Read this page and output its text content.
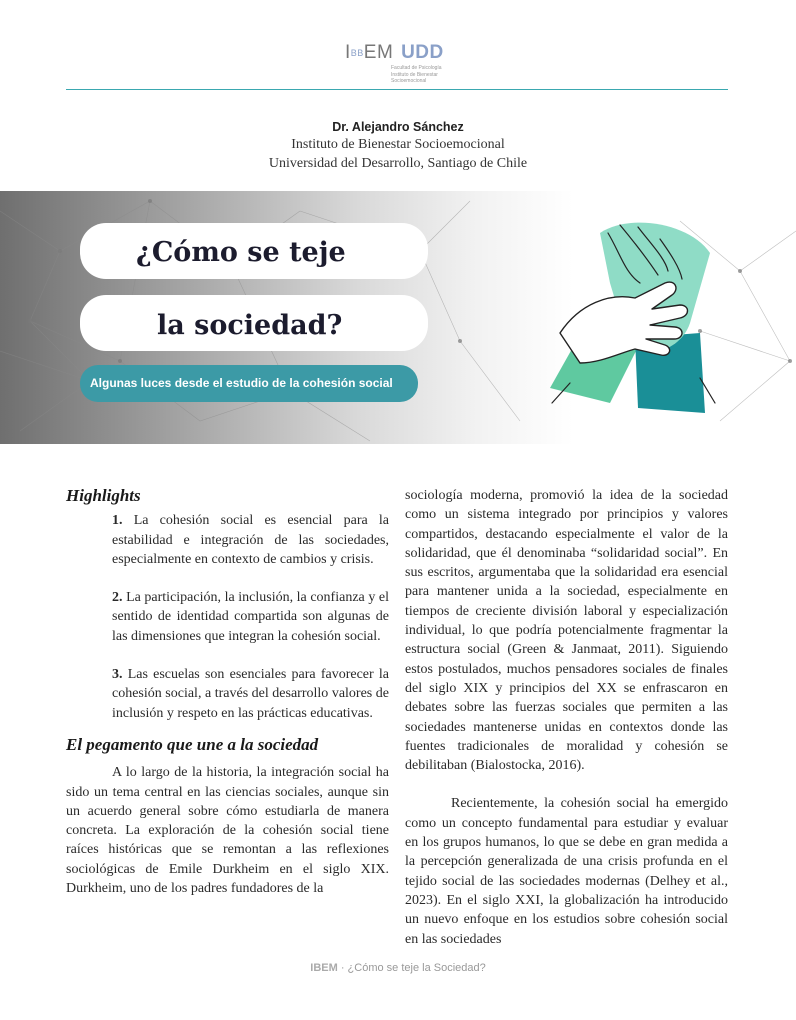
IBBEM UDD
Facultad de Psicología
Instituto de Bienestar Socioemocional
Dr. Alejandro Sánchez
Instituto de Bienestar Socioemocional
Universidad del Desarrollo, Santiago de Chile
¿Cómo se teje
la sociedad?
Algunas luces desde el estudio de la cohesión social

Highlights

1. La cohesión social es esencial para la estabilidad e integración de las sociedades, especialmente en contexto de cambios y crisis.

2. La participación, la inclusión, la confianza y el sentido de identidad compartida son algunas de las dimensiones que integran la cohesión social.

3. Las escuelas son esenciales para favorecer la cohesión social, a través del desarrollo valores de inclusión y respeto en las prácticas educativas.

El pegamento que une a la sociedad

A lo largo de la historia, la integración social ha sido un tema central en las ciencias sociales, aunque sin un acuerdo general sobre cómo estudiarla de manera concreta. La exploración de la cohesión social tiene raíces históricas que se remontan a las reflexiones sociológicas de Emile Durkheim en el siglo XIX. Durkheim, uno de los padres fundadores de la

sociología moderna, promovió la idea de la sociedad como un sistema integrado por principios y valores compartidos, destacando especialmente el valor de la solidaridad, que él denominaba “solidaridad social”. En sus escritos, argumentaba que la solidaridad era esencial para mantener unida a la sociedad, especialmente en tiempos de creciente división laboral y especialización individual, lo que podría potencialmente fragmentar la estructura social (Green & Janmaat, 2011). Siguiendo estos postulados, muchos pensadores sociales de finales del siglo XIX y principios del XX se enfrascaron en debates sobre las fuerzas sociales que permiten a las sociedades mantenerse unidas en contextos donde las fuentes tradicionales de moralidad y cohesión se debilitaban (Bialostocka, 2016).

Recientemente, la cohesión social ha emergido como un concepto fundamental para estudiar y evaluar en los grupos humanos, lo que se debe en gran medida a la percepción generalizada de una crisis profunda en el tejido social de las sociedades modernas (Delhey et al., 2023). En el siglo XXI, la globalización ha introducido un nuevo enfoque en los estudios sobre cohesión social en las sociedades

IBEM · ¿Cómo se teje la Sociedad?
